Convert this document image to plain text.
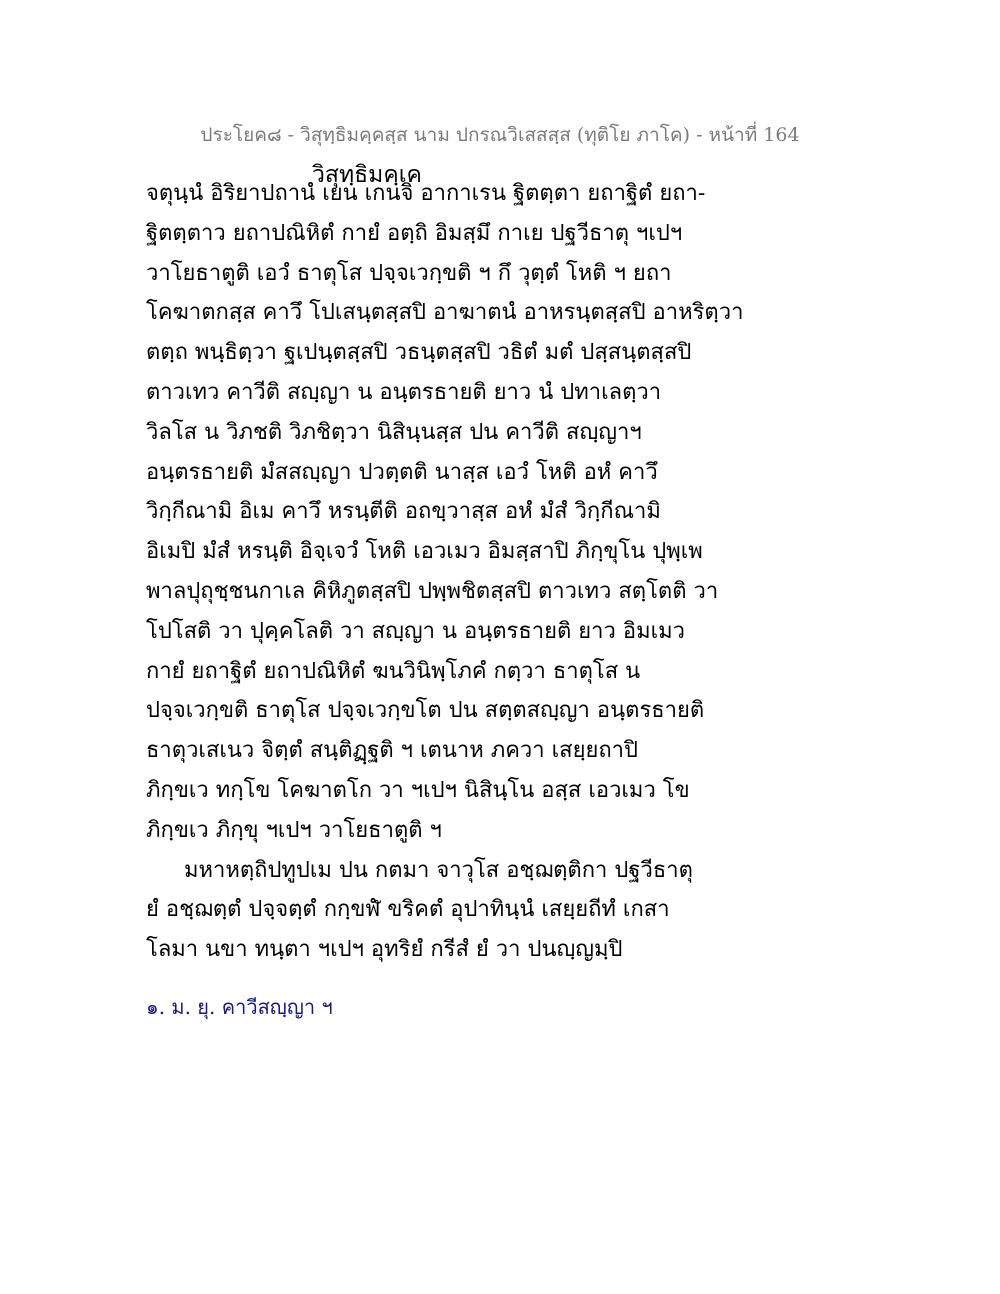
ประโยค๘ - วิสุทฺธิมคฺคสฺส นาม ปกรณวิเสสสฺส (ทุติโย ภาโค) - หน้าที่ 164
วิสุทฺธิมคฺเค
จตุนฺนํ อิริยาปถานํ เยน เกนจิ อากาเรน ฐิตตฺตา ยถาฐิตํ ยถา-
ฐิตตฺตาว ยถาปณิหิตํ กายํ อตฺถิ อิมสฺมึ กาเย ปฐวีธาตุ ฯเปฯ
วาโยธาตูติ เอวํ ธาตุโส ปจฺจเวกฺขติ ฯ กึ วุตฺตํ โหติ ฯ ยถา
โคฆาตกสฺส คาวึ โปเสนฺตสฺสปิ อาฆาตนํ อาหรนฺตสฺสปิ อาหริตฺวา
ตตฺถ พนฺธิตฺวา ฐเปนฺตสฺสปิ วธนฺตสฺสปิ วธิตํ มตํ ปสฺสนฺตสฺสปิ
ตาวเทว คาวีติ สญฺญา น อนฺตรธายติ ยาว นํ ปทาเลตฺวา
วิลโส น วิภชติ วิภชิตฺวา นิสินฺนสฺส ปน คาวีติ สญฺญาฯ
อนฺตรธายติ มํสสญฺญา ปวตฺตติ นาสฺส เอวํ โหติ อหํ คาวึ
วิกฺกีณามิ อิเม คาวึ หรนฺตีติ อถขฺวาสฺส อหํ มํสํ วิกฺกีณามิ
อิเมปิ มํสํ หรนฺติ อิจฺเจวํ โหติ เอวเมว อิมสฺสาปิ ภิกฺขุโน ปุพฺเพ
พาลปุถุชฺชนกาเล คิหิภูตสฺสปิ ปพฺพชิตสฺสปิ ตาวเทว สตฺโตติ วา
โปโสติ วา ปุคฺคโลติ วา สญฺญา น อนฺตรธายติ ยาว อิมเมว
กายํ ยถาฐิตํ ยถาปณิหิตํ ฆนวินิพฺโภคํ กตฺวา ธาตุโส น
ปจฺจเวกฺขติ ธาตุโส ปจฺจเวกฺขโต ปน สตฺตสญฺญา อนฺตรธายติ
ธาตุวเสเนว จิตฺตํ สนฺติฏฺฐติ ฯ เตนาห ภควา เสยฺยถาปิ
ภิกฺขเว ทกฺโข โคฆาตโก วา ฯเปฯ นิสินฺโน อสฺส เอวเมว โข
ภิกฺขเว ภิกฺขุ ฯเปฯ วาโยธาตูติ ฯ
มหาหตฺถิปทูปเม ปน กตมา จาวุโส อชฺฌตฺติกา ปฐวีธาตุ
ยํ อชฺฌตฺตํ ปจฺจตฺตํ กกฺขฬํ ขริคตํ อุปาทินฺนํ เสยฺยถีทํ เกสา
โลมา นขา ทนฺตา ฯเปฯ อุทริยํ กรีสํ ยํ วา ปนญฺญมฺปิ
๑. ม. ยุ. คาวีสญฺญา ฯ
